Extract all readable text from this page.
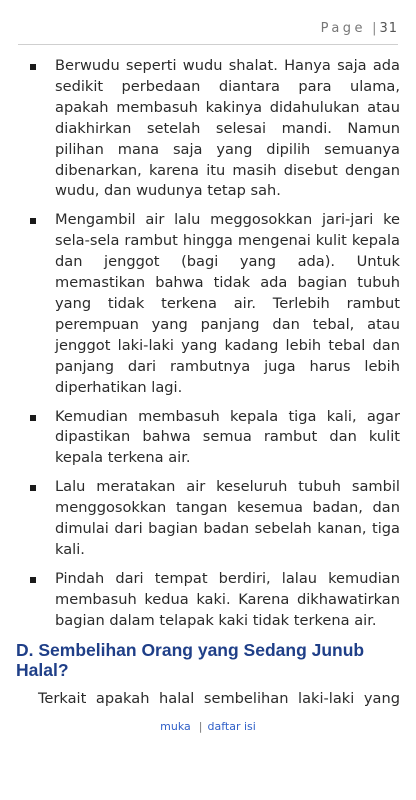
Page | 31
Berwudu seperti wudu shalat. Hanya saja ada sedikit perbedaan diantara para ulama, apakah membasuh kakinya didahulukan atau diakhirkan setelah selesai mandi. Namun pilihan mana saja yang dipilih semuanya dibenarkan, karena itu masih disebut dengan wudu, dan wudunya tetap sah.
Mengambil air lalu meggosokkan jari-jari ke sela-sela rambut hingga mengenai kulit kepala dan jenggot (bagi yang ada). Untuk memastikan bahwa tidak ada bagian tubuh yang tidak terkena air. Terlebih rambut perempuan yang panjang dan tebal, atau jenggot laki-laki yang kadang lebih tebal dan panjang dari rambutnya juga harus lebih diperhatikan lagi.
Kemudian membasuh kepala tiga kali, agar dipastikan bahwa semua rambut dan kulit kepala terkena air.
Lalu meratakan air keseluruh tubuh sambil menggosokkan tangan kesemua badan, dan dimulai dari bagian badan sebelah kanan, tiga kali.
Pindah dari tempat berdiri, lalau kemudian membasuh kedua kaki. Karena dikhawatirkan bagian dalam telapak kaki tidak terkena air.
D. Sembelihan Orang yang Sedang Junub Halal?

Terkait apakah halal sembelihan laki-laki yang

muka | daftar isi
